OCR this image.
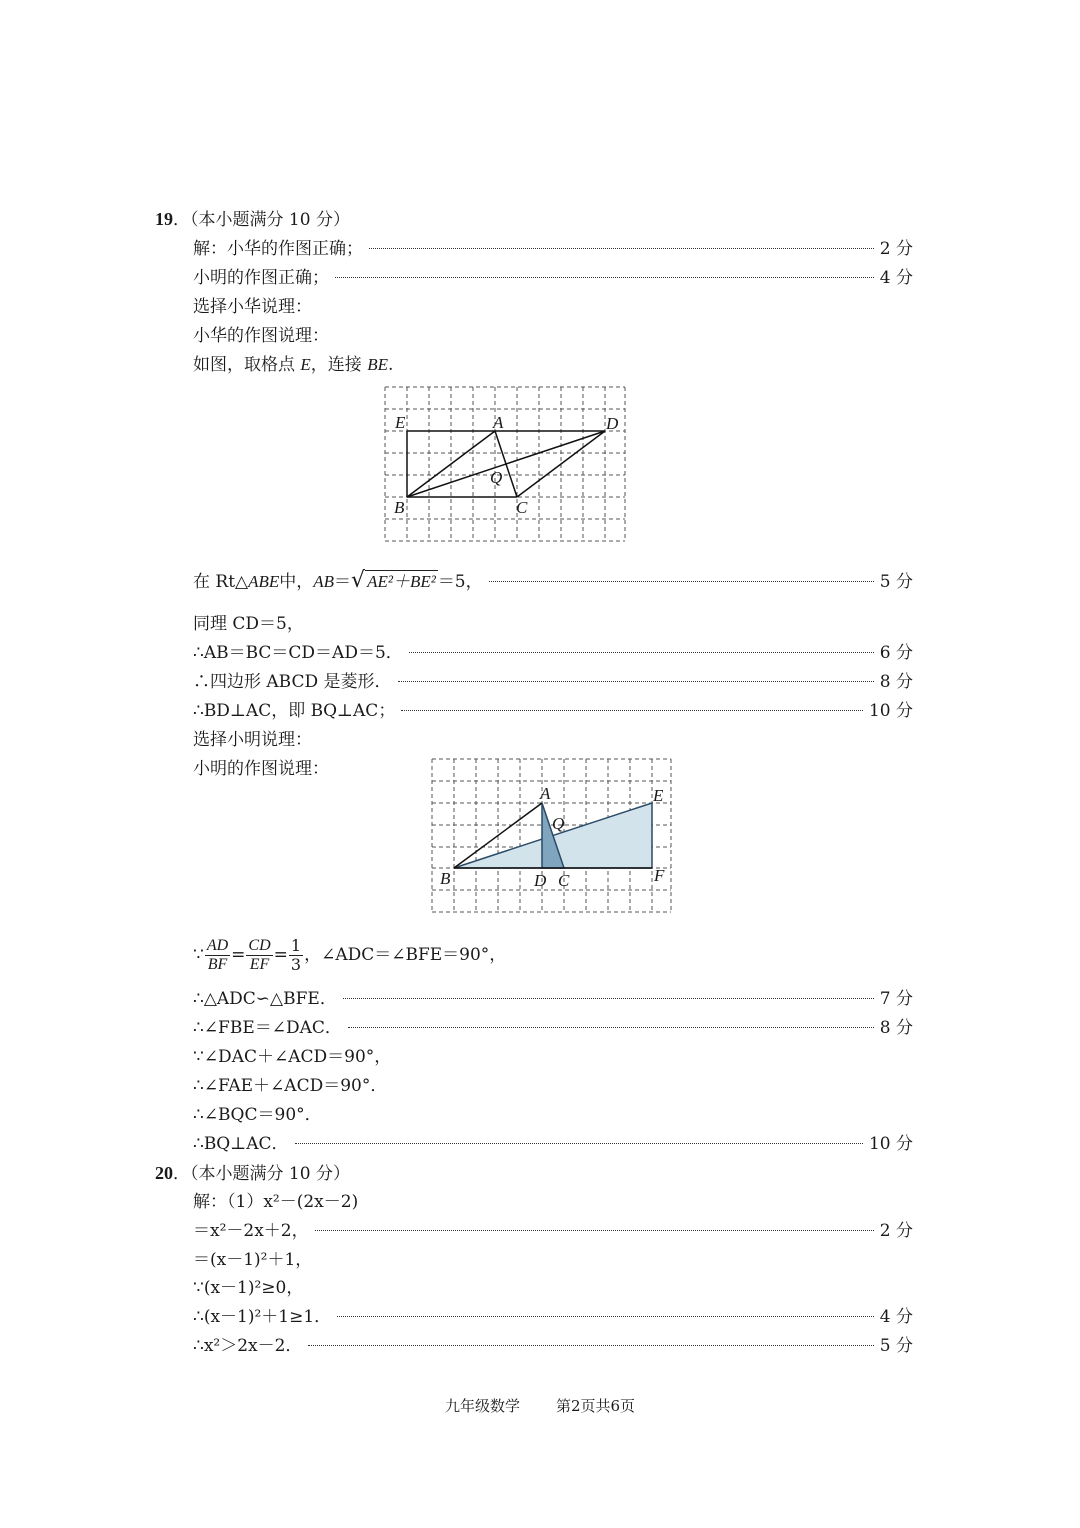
19．（本小题满分 10 分）
解：小华的作图正确；	2 分
小明的作图正确；	4 分
选择小华说理：
小华的作图说理：
如图，取格点 E，连接 BE.
E	A	D
Q
B	C
在 Rt△ ABE 中， AB ＝ √ AE²＋BE² ＝5，	5 分
同理 CD＝5，
∴AB＝BC＝CD＝AD＝5．	6 分
∴四边形 ABCD 是菱形．	8 分
∴BD⊥AC，即 BQ⊥AC；	10 分
选择小明说理：
小明的作图说理：
A	E
Q
B	D C	F
∵ $\frac{AD}{BF} = \frac{CD}{EF} = \frac{1}{3}$ ，∠ADC＝∠BFE＝90°，
∴△ADC∽△BFE．	7 分
∴∠FBE＝∠DAC．	8 分
∵∠DAC＋∠ACD＝90°，
∴∠FAE＋∠ACD＝90°．
∴∠BQC＝90°．
∴BQ⊥AC．	10 分
20．（本小题满分 10 分）
解：（1）x²－(2x－2)
＝x²－2x＋2，	2 分
＝(x－1)²＋1，
∵(x－1)²≥0，
∴(x－1)²＋1≥1．	4 分
∴x²＞2x－2．	5 分
九年级数学 第2页共6页
